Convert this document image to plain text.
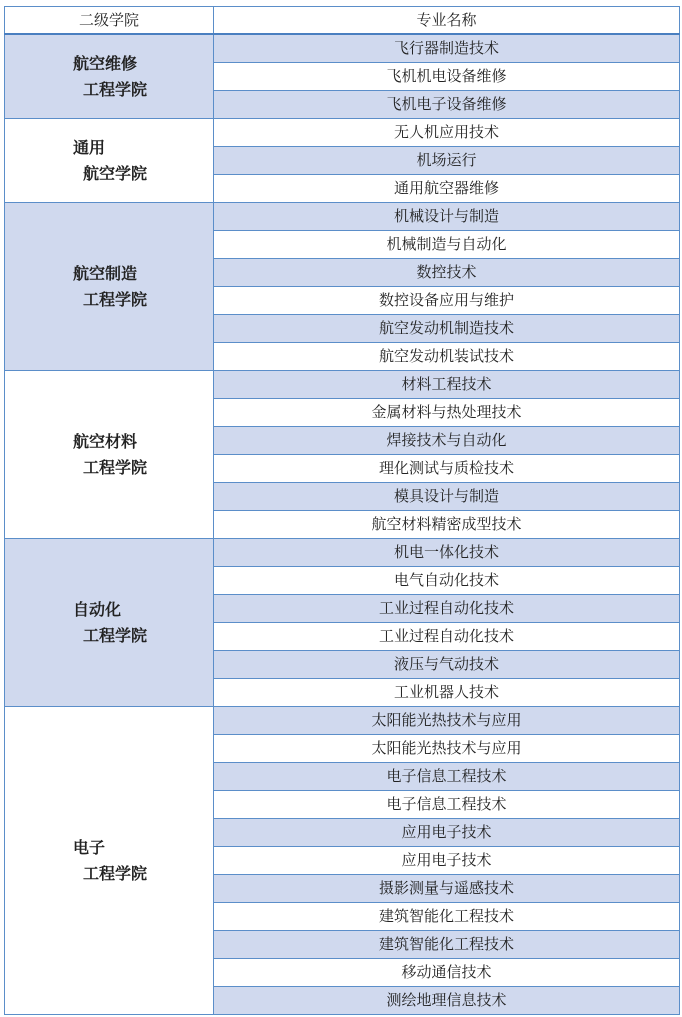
二级学院	专业名称

航空维修
工程学院	飞行器制造技术
	飞机机电设备维修
	飞机电子设备维修

通用
航空学院	无人机应用技术
	机场运行
	通用航空器维修

航空制造
工程学院	机械设计与制造
	机械制造与自动化
	数控技术
	数控设备应用与维护
	航空发动机制造技术
	航空发动机装试技术

航空材料
工程学院	材料工程技术
	金属材料与热处理技术
	焊接技术与自动化
	理化测试与质检技术
	模具设计与制造
	航空材料精密成型技术

自动化
工程学院	机电一体化技术
	电气自动化技术
	工业过程自动化技术
	工业过程自动化技术
	液压与气动技术
	工业机器人技术

电子
工程学院	太阳能光热技术与应用
	太阳能光热技术与应用
	电子信息工程技术
	电子信息工程技术
	应用电子技术
	应用电子技术
	摄影测量与遥感技术
	建筑智能化工程技术
	建筑智能化工程技术
	移动通信技术
	测绘地理信息技术
